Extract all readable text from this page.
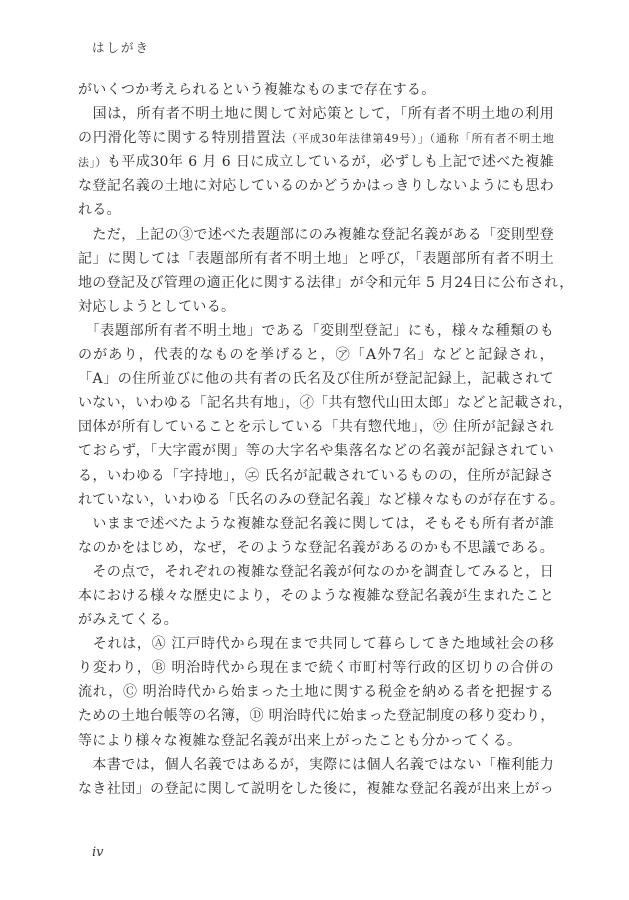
はしがき
がいくつか考えられるという複雑なものまで存在する。
　国は，所有者不明土地に関して対応策として，「所有者不明土地の利用
の円滑化等に関する特別措置法（平成30年法律第49号）」（通称「所有者不明土地
法」）も平成30年 6 月 6 日に成立しているが，必ずしも上記で述べた複雑
な登記名義の土地に対応しているのかどうかはっきりしないようにも思わ
れる。
　ただ，上記の③で述べた表題部にのみ複雑な登記名義がある「変則型登
記」に関しては「表題部所有者不明土地」と呼び，「表題部所有者不明土
地の登記及び管理の適正化に関する法律」が令和元年 5 月24日に公布され，
対応しようとしている。
　「表題部所有者不明土地」である「変則型登記」にも，様々な種類のも
のがあり，代表的なものを挙げると，㋐「A外7名」などと記録され，
「A」の住所並びに他の共有者の氏名及び住所が登記記録上，記載されて
いない，いわゆる「記名共有地」，㋑「共有惣代山田太郎」などと記載され，
団体が所有していることを示している「共有惣代地」，㋒ 住所が記録され
ておらず，「大字霞が関」等の大字名や集落名などの名義が記録されてい
る，いわゆる「字持地」，㋓ 氏名が記載されているものの，住所が記録さ
れていない，いわゆる「氏名のみの登記名義」など様々なものが存在する。
　いままで述べたような複雑な登記名義に関しては，そもそも所有者が誰
なのかをはじめ，なぜ，そのような登記名義があるのかも不思議である。
　その点で，それぞれの複雑な登記名義が何なのかを調査してみると，日
本における様々な歴史により，そのような複雑な登記名義が生まれたこと
がみえてくる。
　それは，Ⓐ 江戸時代から現在まで共同して暮らしてきた地域社会の移
り変わり，Ⓑ 明治時代から現在まで続く市町村等行政的区切りの合併の
流れ，Ⓒ 明治時代から始まった土地に関する税金を納める者を把握する
ための土地台帳等の名簿，Ⓓ 明治時代に始まった登記制度の移り変わり，
等により様々な複雑な登記名義が出来上がったことも分かってくる。
　本書では，個人名義ではあるが，実際には個人名義ではない「権利能力
なき社団」の登記に関して説明をした後に，複雑な登記名義が出来上がっ
iv
